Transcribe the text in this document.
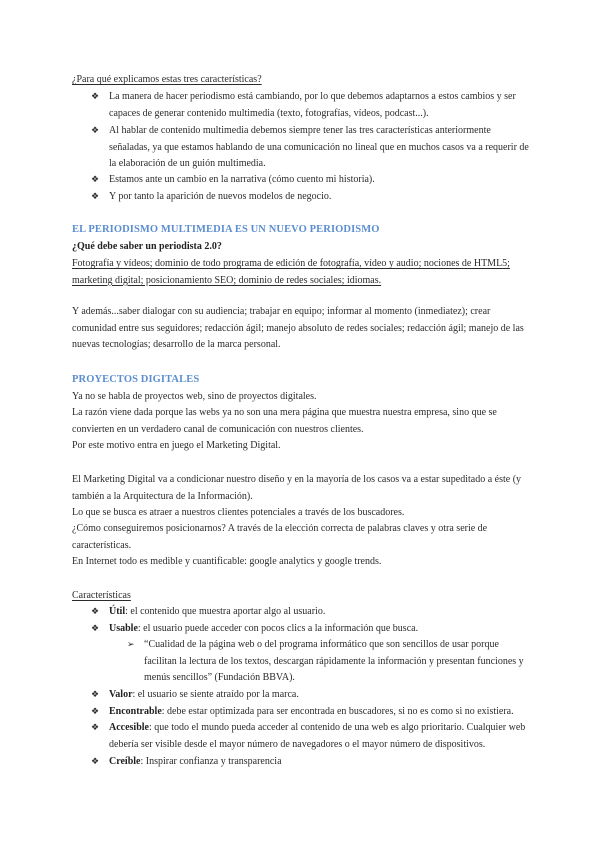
¿Para qué explicamos estas tres características?
❖ La manera de hacer periodismo está cambiando, por lo que debemos adaptarnos a estos cambios y ser capaces de generar contenido multimedia (texto, fotografías, vídeos, podcast...).
❖ Al hablar de contenido multimedia debemos siempre tener las tres características anteriormente señaladas, ya que estamos hablando de una comunicación no lineal que en muchos casos va a requerir de la elaboración de un guión multimedia.
❖ Estamos ante un cambio en la narrativa (cómo cuento mi historia).
❖ Y por tanto la aparición de nuevos modelos de negocio.
EL PERIODISMO MULTIMEDIA ES UN NUEVO PERIODISMO
¿Qué debe saber un periodista 2.0?
Fotografía y vídeos; dominio de todo programa de edición de fotografía, vídeo y audio; nociones de HTML5; marketing digital; posicionamiento SEO; dominio de redes sociales; idiomas.
Y además...saber dialogar con su audiencia; trabajar en equipo; informar al momento (inmediatez); crear comunidad entre sus seguidores; redacción ágil; manejo absoluto de redes sociales; redacción ágil; manejo de las nuevas tecnologías; desarrollo de la marca personal.
PROYECTOS DIGITALES
Ya no se habla de proyectos web, sino de proyectos digitales.
La razón viene dada porque las webs ya no son una mera página que muestra nuestra empresa, sino que se convierten en un verdadero canal de comunicación con nuestros clientes.
Por este motivo entra en juego el Marketing Digital.
El Marketing Digital va a condicionar nuestro diseño y en la mayoría de los casos va a estar supeditado a éste (y también a la Arquitectura de la Información).
Lo que se busca es atraer a nuestros clientes potenciales a través de los buscadores.
¿Cómo conseguiremos posicionarnos? A través de la elección correcta de palabras claves y otra serie de características.
En Internet todo es medible y cuantificable: google analytics y google trends.
Características
❖ Útil: el contenido que muestra aportar algo al usuario.
❖ Usable: el usuario puede acceder con pocos clics a la información que busca.
➢ “Cualidad de la página web o del programa informático que son sencillos de usar porque facilitan la lectura de los textos, descargan rápidamente la información y presentan funciones y menús sencillos” (Fundación BBVA).
❖ Valor: el usuario se siente atraído por la marca.
❖ Encontrable: debe estar optimizada para ser encontrada en buscadores, si no es como si no existiera.
❖ Accesible: que todo el mundo pueda acceder al contenido de una web es algo prioritario. Cualquier web debería ser visible desde el mayor número de navegadores o el mayor número de dispositivos.
❖ Creíble: Inspirar confianza y transparencia
